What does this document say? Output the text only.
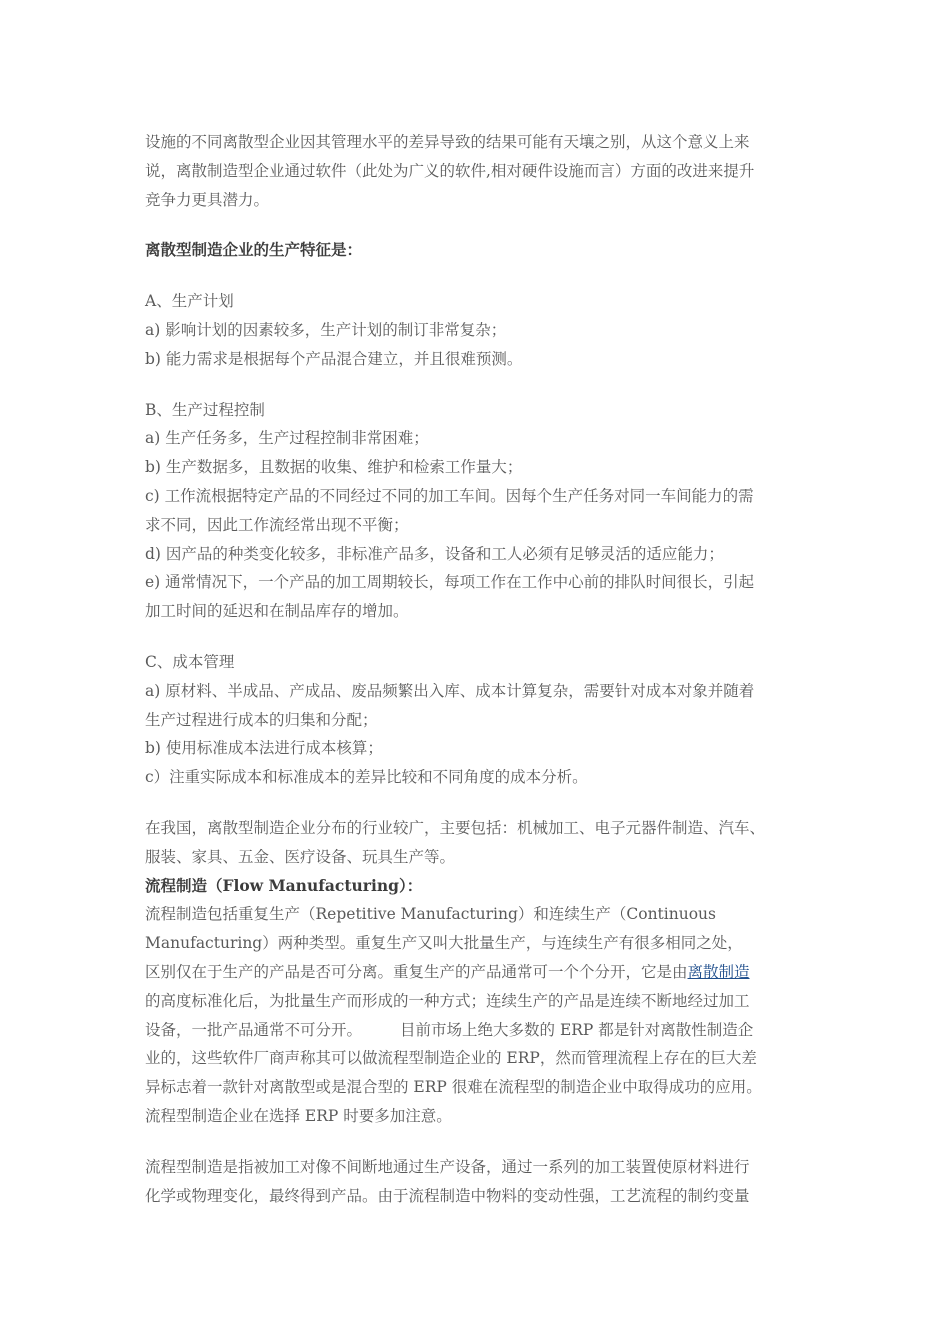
设施的不同离散型企业因其管理水平的差异导致的结果可能有天壤之别，从这个意义上来
说，离散制造型企业通过软件（此处为广义的软件,相对硬件设施而言）方面的改进来提升
竞争力更具潜力。
离散型制造企业的生产特征是：
A、生产计划
a) 影响计划的因素较多，生产计划的制订非常复杂；
b) 能力需求是根据每个产品混合建立，并且很难预测。
B、生产过程控制
a) 生产任务多，生产过程控制非常困难；
b) 生产数据多，且数据的收集、维护和检索工作量大；
c) 工作流根据特定产品的不同经过不同的加工车间。因每个生产任务对同一车间能力的需
求不同，因此工作流经常出现不平衡；
d) 因产品的种类变化较多，非标准产品多，设备和工人必须有足够灵活的适应能力；
e) 通常情况下，一个产品的加工周期较长，每项工作在工作中心前的排队时间很长，引起
加工时间的延迟和在制品库存的增加。
C、成本管理
a) 原材料、半成品、产成品、废品频繁出入库、成本计算复杂，需要针对成本对象并随着
生产过程进行成本的归集和分配；
b) 使用标准成本法进行成本核算；
c）注重实际成本和标准成本的差异比较和不同角度的成本分析。
在我国，离散型制造企业分布的行业较广，主要包括：机械加工、电子元器件制造、汽车、
服装、家具、五金、医疗设备、玩具生产等。
流程制造（Flow Manufacturing）：
流程制造包括重复生产（Repetitive Manufacturing）和连续生产（Continuous
Manufacturing）两种类型。重复生产又叫大批量生产，与连续生产有很多相同之处，
区别仅在于生产的产品是否可分离。重复生产的产品通常可一个个分开，它是由离散制造
的高度标准化后，为批量生产而形成的一种方式；连续生产的产品是连续不断地经过加工
设备，一批产品通常不可分开。 目前市场上绝大多数的 ERP 都是针对离散性制造企
业的，这些软件厂商声称其可以做流程型制造企业的 ERP，然而管理流程上存在的巨大差
异标志着一款针对离散型或是混合型的 ERP 很难在流程型的制造企业中取得成功的应用。
流程型制造企业在选择 ERP 时要多加注意。
流程型制造是指被加工对像不间断地通过生产设备，通过一系列的加工装置使原材料进行
化学或物理变化，最终得到产品。由于流程制造中物料的变动性强，工艺流程的制约变量
